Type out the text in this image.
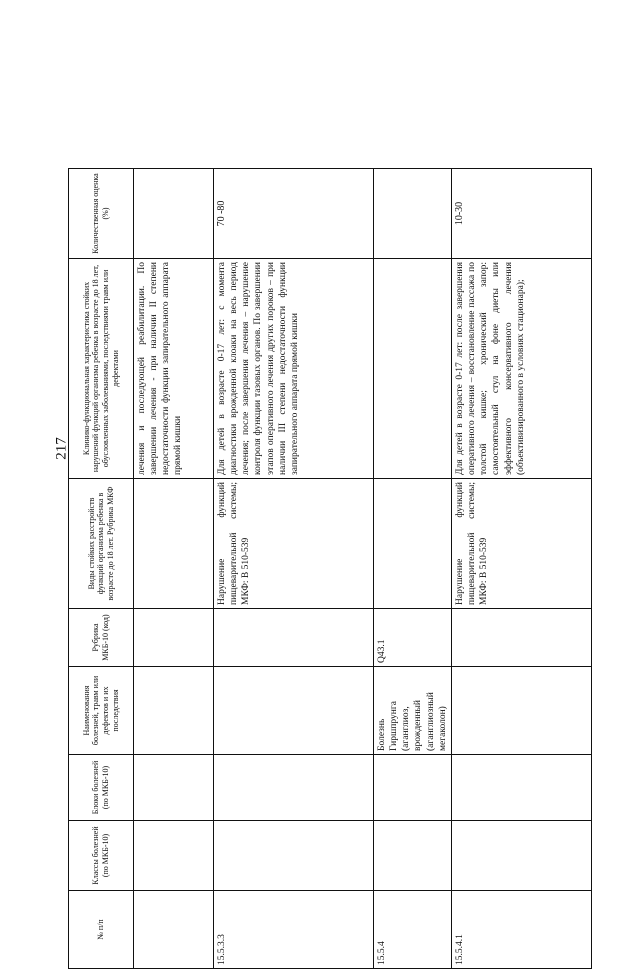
217
№ п/п	Классы болезней (по МКБ-10)	Блоки болезней (по МКБ-10)	Наименования болезней, травм или дефектов и их последствия	Рубрика МКБ-10 (код)	Виды стойких расстройств функций организма ребенка в возрасте до 18 лет. Рубрика МКФ	Клинико-функциональная характеристика стойких нарушений функций организма ребенка в возрасте до 18 лет, обусловленных заболеваниями, последствиями травм или дефектами	Количественная оценка (%)
						лечения и последующей реабилитации. По завершении лечения - при наличии II степени недостаточности функции запирательного аппарата прямой кишки	
15.5.3.3					Нарушение функций пищеварительной системы; МКФ: В 510-539	Для детей в возрасте 0-17 лет: с момента диагностики врожденной клоаки на весь период лечения; после завершения лечения – нарушение контроля функции тазовых органов. По завершении этапов оперативного лечения других пороков – при наличии III степени недостаточности функции запирательного аппарата прямой кишки	70 -80
15.5.4			Болезнь Гиршпрунга (аганглиоз, врожденный (аганглиозный мегаколон)	Q43.1			
15.5.4.1					Нарушение функций пищеварительной системы; МКФ: В 510-539	Для детей в возрасте 0-17 лет: после завершения оперативного лечения – восстановление пассажа по толстой кишке; хронический запор: самостоятельный стул на фоне диеты или эффективного консервативного лечения (объективизированного в условиях стационара);	10-30
